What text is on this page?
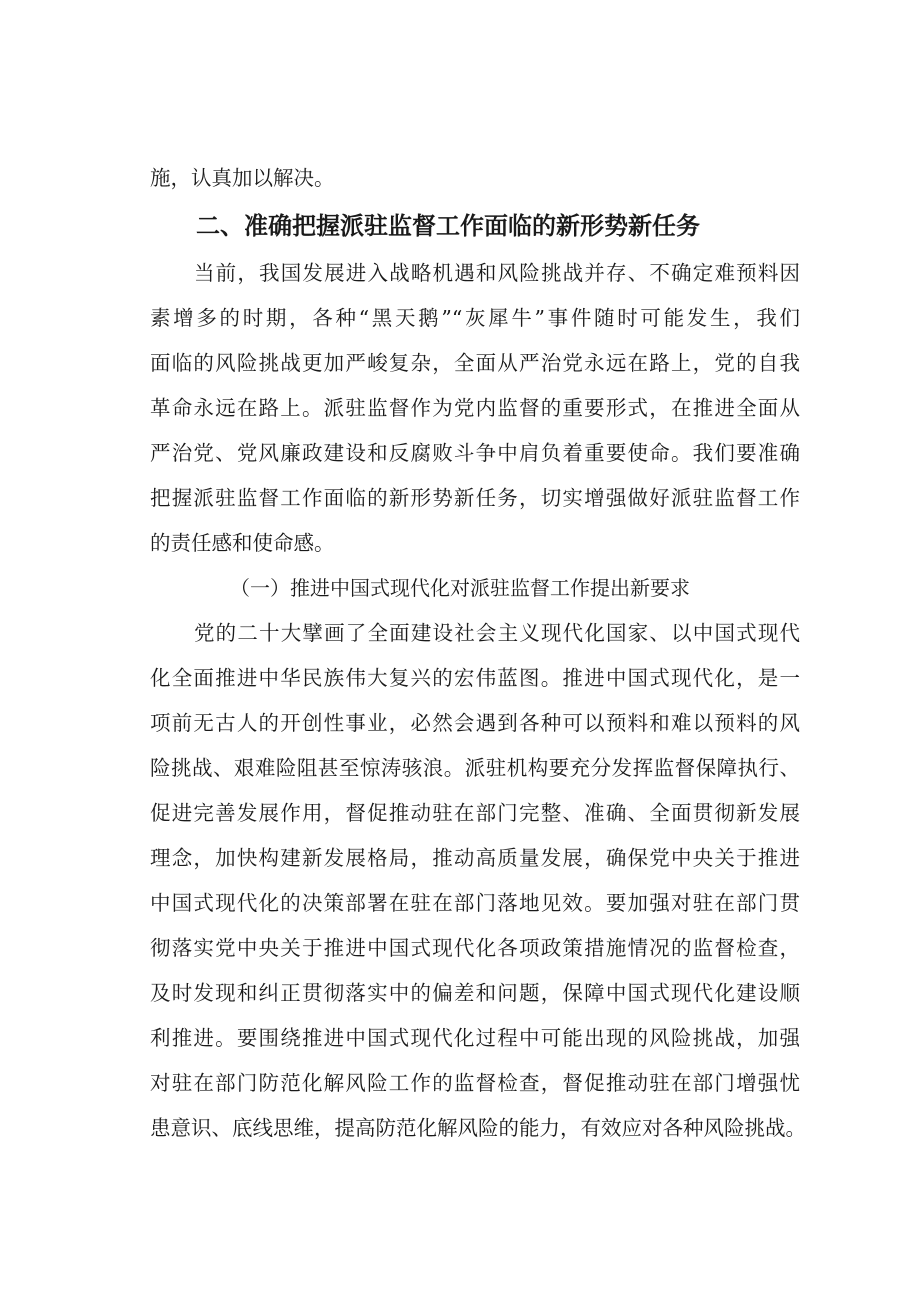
施，认真加以解决。
二、准确把握派驻监督工作面临的新形势新任务
当前，我国发展进入战略机遇和风险挑战并存、不确定难预料因
素增多的时期，各种“黑天鹅”“灰犀牛”事件随时可能发生，我们
面临的风险挑战更加严峻复杂，全面从严治党永远在路上，党的自我
革命永远在路上。派驻监督作为党内监督的重要形式，在推进全面从
严治党、党风廉政建设和反腐败斗争中肩负着重要使命。我们要准确
把握派驻监督工作面临的新形势新任务，切实增强做好派驻监督工作
的责任感和使命感。
（一）推进中国式现代化对派驻监督工作提出新要求
党的二十大擘画了全面建设社会主义现代化国家、以中国式现代
化全面推进中华民族伟大复兴的宏伟蓝图。推进中国式现代化，是一
项前无古人的开创性事业，必然会遇到各种可以预料和难以预料的风
险挑战、艰难险阻甚至惊涛骇浪。派驻机构要充分发挥监督保障执行、
促进完善发展作用，督促推动驻在部门完整、准确、全面贯彻新发展
理念，加快构建新发展格局，推动高质量发展，确保党中央关于推进
中国式现代化的决策部署在驻在部门落地见效。要加强对驻在部门贯
彻落实党中央关于推进中国式现代化各项政策措施情况的监督检查，
及时发现和纠正贯彻落实中的偏差和问题，保障中国式现代化建设顺
利推进。要围绕推进中国式现代化过程中可能出现的风险挑战，加强
对驻在部门防范化解风险工作的监督检查，督促推动驻在部门增强忧
患意识、底线思维，提高防范化解风险的能力，有效应对各种风险挑战。
